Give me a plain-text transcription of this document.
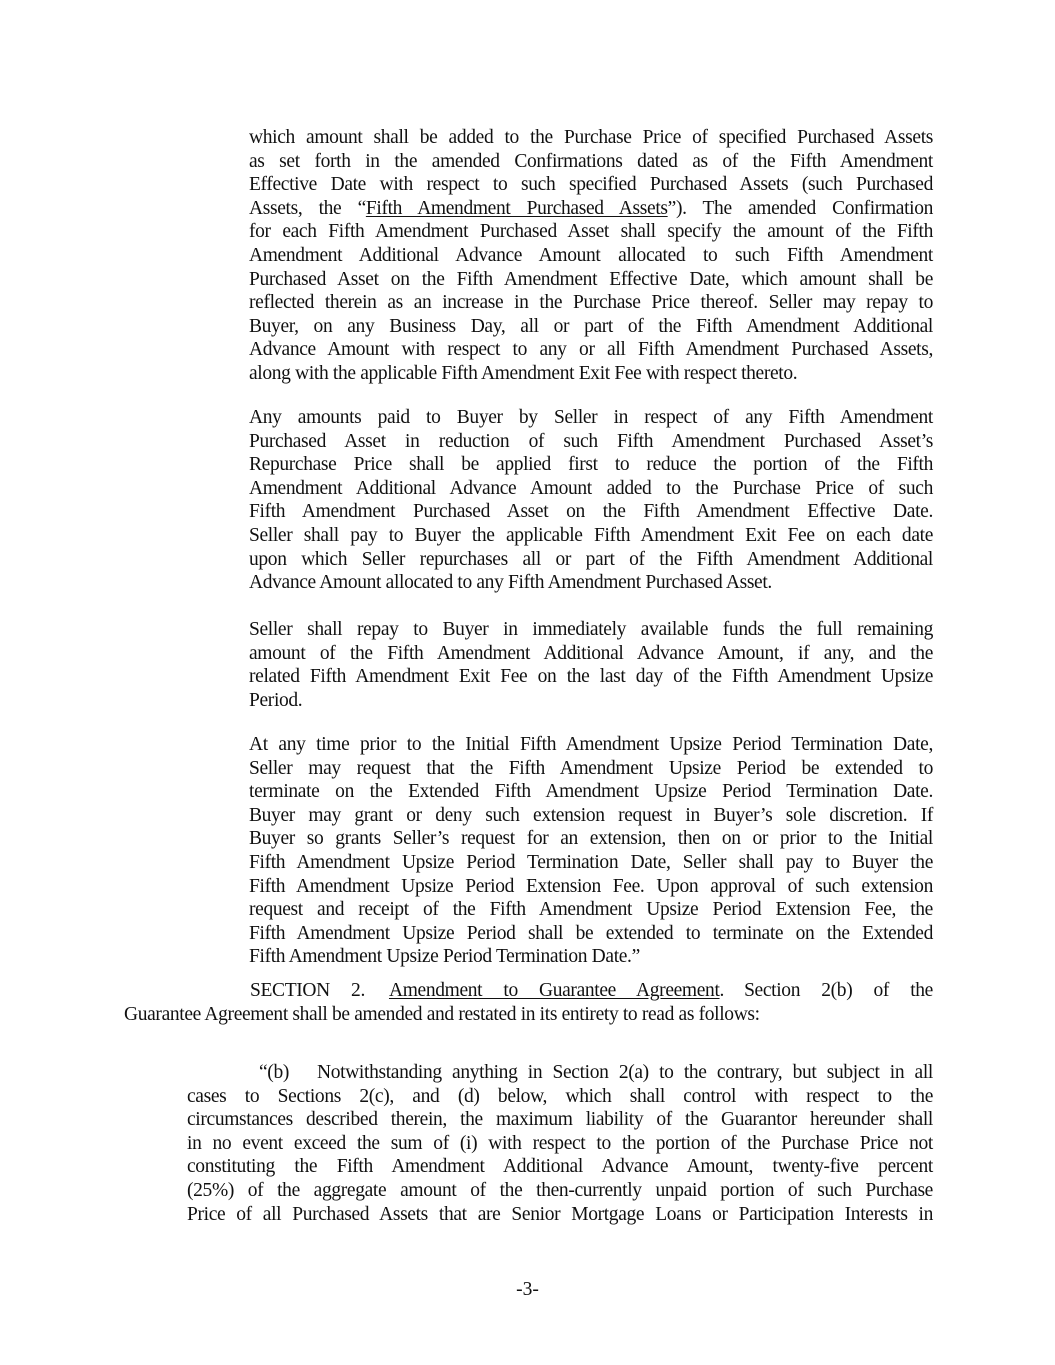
which amount shall be added to the Purchase Price of specified Purchased Assets
as set forth in the amended Confirmations dated as of the Fifth Amendment
Effective Date with respect to such specified Purchased Assets (such Purchased
Assets, the “Fifth Amendment Purchased Assets”). The amended Confirmation
for each Fifth Amendment Purchased Asset shall specify the amount of the Fifth
Amendment Additional Advance Amount allocated to such Fifth Amendment
Purchased Asset on the Fifth Amendment Effective Date, which amount shall be
reflected therein as an increase in the Purchase Price thereof. Seller may repay to
Buyer, on any Business Day, all or part of the Fifth Amendment Additional
Advance Amount with respect to any or all Fifth Amendment Purchased Assets,
along with the applicable Fifth Amendment Exit Fee with respect thereto.
Any amounts paid to Buyer by Seller in respect of any Fifth Amendment
Purchased Asset in reduction of such Fifth Amendment Purchased Asset’s
Repurchase Price shall be applied first to reduce the portion of the Fifth
Amendment Additional Advance Amount added to the Purchase Price of such
Fifth Amendment Purchased Asset on the Fifth Amendment Effective Date.
Seller shall pay to Buyer the applicable Fifth Amendment Exit Fee on each date
upon which Seller repurchases all or part of the Fifth Amendment Additional
Advance Amount allocated to any Fifth Amendment Purchased Asset.
Seller shall repay to Buyer in immediately available funds the full remaining
amount of the Fifth Amendment Additional Advance Amount, if any, and the
related Fifth Amendment Exit Fee on the last day of the Fifth Amendment Upsize
Period.
At any time prior to the Initial Fifth Amendment Upsize Period Termination Date,
Seller may request that the Fifth Amendment Upsize Period be extended to
terminate on the Extended Fifth Amendment Upsize Period Termination Date.
Buyer may grant or deny such extension request in Buyer’s sole discretion. If
Buyer so grants Seller’s request for an extension, then on or prior to the Initial
Fifth Amendment Upsize Period Termination Date, Seller shall pay to Buyer the
Fifth Amendment Upsize Period Extension Fee. Upon approval of such extension
request and receipt of the Fifth Amendment Upsize Period Extension Fee, the
Fifth Amendment Upsize Period shall be extended to terminate on the Extended
Fifth Amendment Upsize Period Termination Date.”
SECTION 2. Amendment to Guarantee Agreement. Section 2(b) of the
Guarantee Agreement shall be amended and restated in its entirety to read as follows:
“(b) Notwithstanding anything in Section 2(a) to the contrary, but subject in all
cases to Sections 2(c), and (d) below, which shall control with respect to the
circumstances described therein, the maximum liability of the Guarantor hereunder shall
in no event exceed the sum of (i) with respect to the portion of the Purchase Price not
constituting the Fifth Amendment Additional Advance Amount, twenty-five percent
(25%) of the aggregate amount of the then-currently unpaid portion of such Purchase
Price of all Purchased Assets that are Senior Mortgage Loans or Participation Interests in
-3-
